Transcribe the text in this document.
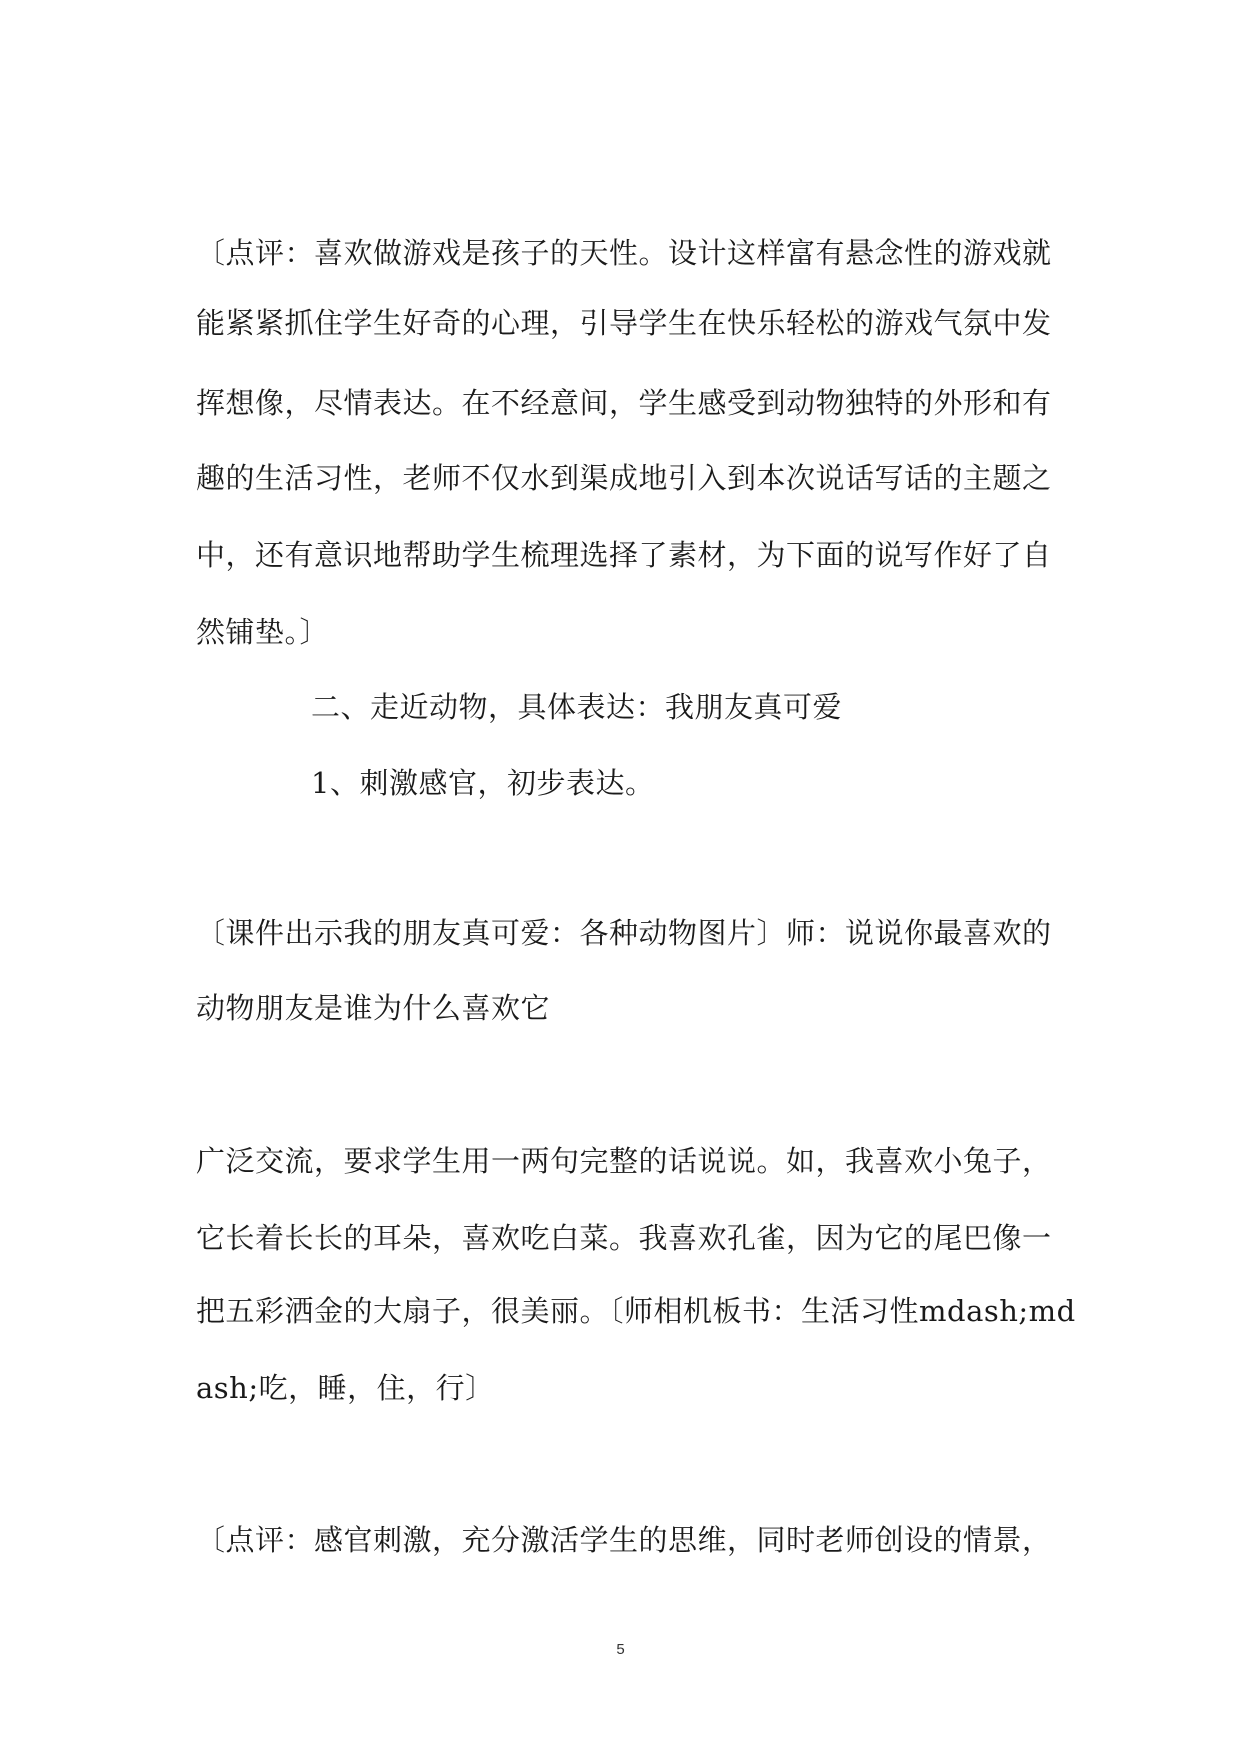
〔点评：喜欢做游戏是孩子的天性。设计这样富有悬念性的游戏就
能紧紧抓住学生好奇的心理，引导学生在快乐轻松的游戏气氛中发
挥想像，尽情表达。在不经意间，学生感受到动物独特的外形和有
趣的生活习性，老师不仅水到渠成地引入到本次说话写话的主题之
中，还有意识地帮助学生梳理选择了素材，为下面的说写作好了自
然铺垫。〕
二、走近动物，具体表达：我朋友真可爱
1、刺激感官，初步表达。
〔课件出示我的朋友真可爱：各种动物图片〕师：说说你最喜欢的
动物朋友是谁为什么喜欢它
广泛交流，要求学生用一两句完整的话说说。如，我喜欢小兔子，
它长着长长的耳朵，喜欢吃白菜。我喜欢孔雀，因为它的尾巴像一
把五彩洒金的大扇子，很美丽。〔师相机板书：生活习性mdash;md
ash;吃，睡，住，行〕
〔点评：感官刺激，充分激活学生的思维，同时老师创设的情景，
5
